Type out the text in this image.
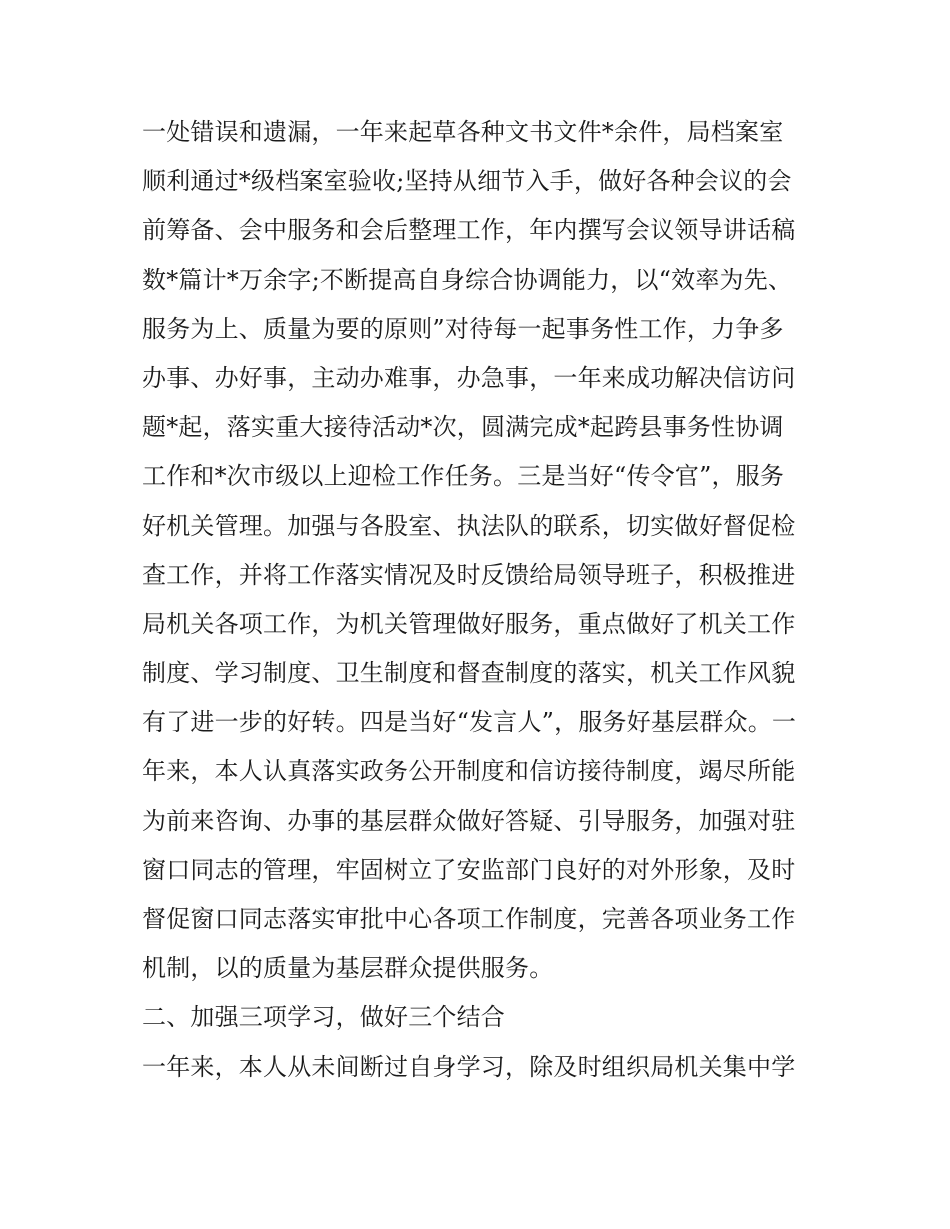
一处错误和遗漏，一年来起草各种文书文件*余件，局档案室
顺利通过*级档案室验收;坚持从细节入手，做好各种会议的会
前筹备、会中服务和会后整理工作，年内撰写会议领导讲话稿
数*篇计*万余字;不断提高自身综合协调能力，以“效率为先、
服务为上、质量为要的原则”对待每一起事务性工作，力争多
办事、办好事，主动办难事，办急事，一年来成功解决信访问
题*起，落实重大接待活动*次，圆满完成*起跨县事务性协调
工作和*次市级以上迎检工作任务。三是当好“传令官”，服务
好机关管理。加强与各股室、执法队的联系，切实做好督促检
查工作，并将工作落实情况及时反馈给局领导班子，积极推进
局机关各项工作，为机关管理做好服务，重点做好了机关工作
制度、学习制度、卫生制度和督查制度的落实，机关工作风貌
有了进一步的好转。四是当好“发言人”，服务好基层群众。一
年来，本人认真落实政务公开制度和信访接待制度，竭尽所能
为前来咨询、办事的基层群众做好答疑、引导服务，加强对驻
窗口同志的管理，牢固树立了安监部门良好的对外形象，及时
督促窗口同志落实审批中心各项工作制度，完善各项业务工作
机制，以的质量为基层群众提供服务。
二、加强三项学习，做好三个结合
一年来，本人从未间断过自身学习，除及时组织局机关集中学
